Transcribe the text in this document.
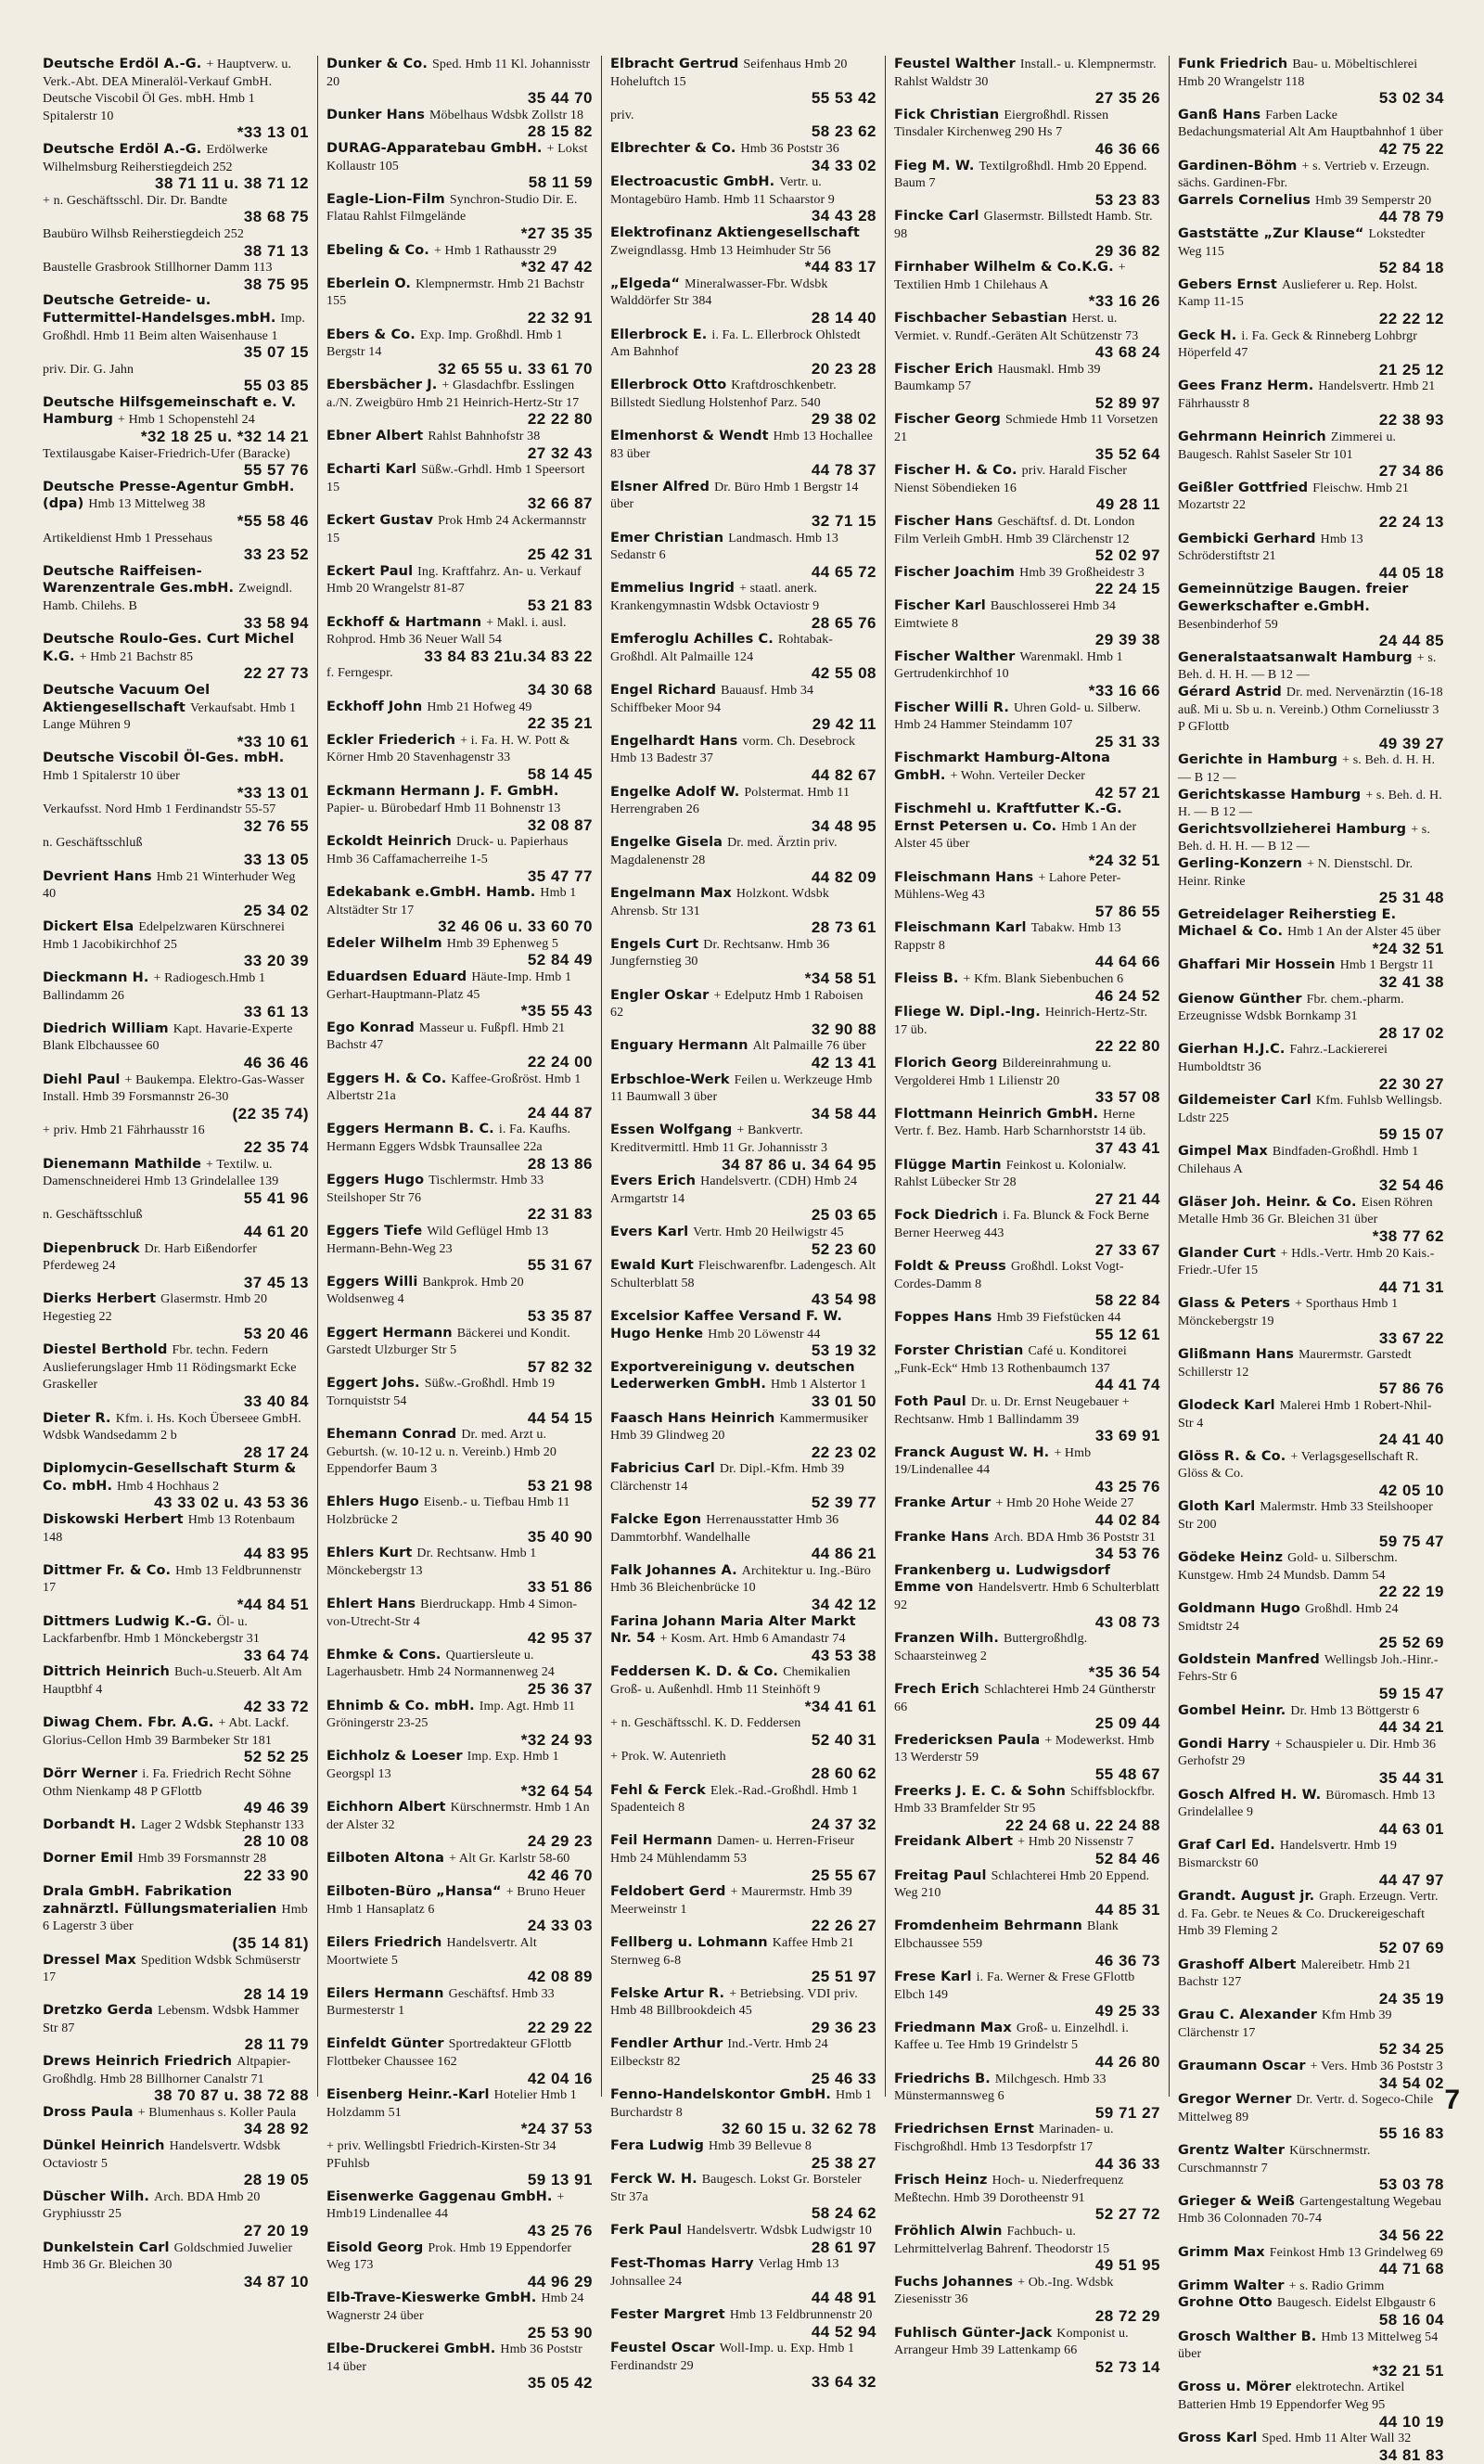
Deutsche Erdöl A.-G. + Hauptverw. u. Verk.-Abt. DEA Mineralöl-Verkauf GmbH. Deutsche Viscobil Öl Ges. mbH. Hmb 1 Spitalerstr 10
*33 13 01
Deutsche Erdöl A.-G. Erdölwerke Wilhelmsburg Reiherstiegdeich 252
38 71 11 u. 38 71 12
+ n. Geschäftsschl. Dir. Dr. Bandte
38 68 75
Baubüro Wilhsb Reiherstiegdeich 252
38 71 13
Baustelle Grasbrook Stillhorner Damm 113
38 75 95
Deutsche Getreide- u. Futtermittel-Handelsges.mbH. Imp. Großhdl. Hmb 11 Beim alten Waisenhause 1
35 07 15
priv. Dir. G. Jahn
55 03 85
Deutsche Hilfsgemeinschaft e. V. Hamburg + Hmb 1 Schopenstehl 24
*32 18 25 u. *32 14 21
Textilausgabe Kaiser-Friedrich-Ufer (Baracke)
55 57 76
Deutsche Presse-Agentur GmbH. (dpa) Hmb 13 Mittelweg 38
*55 58 46
Artikeldienst Hmb 1 Pressehaus
33 23 52
Deutsche Raiffeisen-Warenzentrale Ges.mbH. Zweigndl. Hamb. Chilehs. B
33 58 94
Deutsche Roulo-Ges. Curt Michel K.G. + Hmb 21 Bachstr 85
22 27 73
Deutsche Vacuum Oel Aktiengesellschaft Verkaufsabt. Hmb 1 Lange Mühren 9
*33 10 61
Deutsche Viscobil Öl-Ges. mbH. Hmb 1 Spitalerstr 10 über
*33 13 01
Verkaufsst. Nord Hmb 1 Ferdinandstr 55-57
32 76 55
n. Geschäftsschluß
33 13 05
Devrient Hans Hmb 21 Winterhuder Weg 40
25 34 02
Dickert Elsa Edelpelzwaren Kürschnerei Hmb 1 Jacobikirchhof 25
33 20 39
Dieckmann H. + Radiogesch.Hmb 1 Ballindamm 26
33 61 13
Diedrich William Kapt. Havarie-Experte Blank Elbchaussee 60
46 36 46
Diehl Paul + Baukempa. Elektro-Gas-Wasser Install. Hmb 39 Forsmannstr 26-30
(22 35 74)
+ priv. Hmb 21 Fährhausstr 16
22 35 74
Dienemann Mathilde + Textilw. u. Damenschneiderei Hmb 13 Grindelallee 139
55 41 96
n. Geschäftsschluß
44 61 20
Diepenbruck Dr. Harb Eißendorfer Pferdeweg 24
37 45 13
Dierks Herbert Glasermstr. Hmb 20 Hegestieg 22
53 20 46
Diestel Berthold Fbr. techn. Federn Auslieferungslager Hmb 11 Rödingsmarkt Ecke Graskeller
33 40 84
Dieter R. Kfm. i. Hs. Koch Überseee GmbH. Wdsbk Wandsedamm 2 b
28 17 24
Diplomycin-Gesellschaft Sturm & Co. mbH. Hmb 4 Hochhaus 2
43 33 02 u. 43 53 36
Diskowski Herbert Hmb 13 Rotenbaum 148
44 83 95
Dittmer Fr. & Co. Hmb 13 Feldbrunnenstr 17
*44 84 51
Dittmers Ludwig K.-G. Öl- u. Lackfarbenfbr. Hmb 1 Mönckebergstr 31
33 64 74
Dittrich Heinrich Buch-u.Steuerb. Alt Am Hauptbhf 4
42 33 72
Diwag Chem. Fbr. A.G. + Abt. Lackf. Glorius-Cellon Hmb 39 Barmbeker Str 181
52 52 25
Dörr Werner i. Fa. Friedrich Recht Söhne Othm Nienkamp 48 P GFlottb
49 46 39
Dorbandt H. Lager 2 Wdsbk Stephanstr 133
28 10 08
Dorner Emil Hmb 39 Forsmannstr 28
22 33 90
Drala GmbH. Fabrikation zahnärztl. Füllungsmaterialien Hmb 6 Lagerstr 3 über
(35 14 81)
Dressel Max Spedition Wdsbk Schmüserstr 17
28 14 19
Dretzko Gerda Lebensm. Wdsbk Hammer Str 87
28 11 79
Drews Heinrich Friedrich Altpapier-Großhdlg. Hmb 28 Billhorner Canalstr 71
38 70 87 u. 38 72 88
Dross Paula + Blumenhaus s. Koller Paula
34 28 92
Dünkel Heinrich Handelsvertr. Wdsbk Octaviostr 5
28 19 05
Düscher Wilh. Arch. BDA Hmb 20 Gryphiusstr 25
27 20 19
Dunkelstein Carl Goldschmied Juwelier Hmb 36 Gr. Bleichen 30
34 87 10
Dunker & Co. Sped. Hmb 11 Kl. Johannisstr 20
35 44 70
Dunker Hans Möbelhaus Wdsbk Zollstr 18
28 15 82
DURAG-Apparatebau GmbH. + Lokst Kollaustr 105
58 11 59
Eagle-Lion-Film Synchron-Studio Dir. E. Flatau Rahlst Filmgelände
*27 35 35
Ebeling & Co. + Hmb 1 Rathausstr 29
*32 47 42
Eberlein O. Klempnermstr. Hmb 21 Bachstr 155
22 32 91
Ebers & Co. Exp. Imp. Großhdl. Hmb 1 Bergstr 14
32 65 55 u. 33 61 70
Ebersbächer J. + Glasdachfbr. Esslingen a./N. Zweigbüro Hmb 21 Heinrich-Hertz-Str 17
22 22 80
Ebner Albert Rahlst Bahnhofstr 38
27 32 43
Echarti Karl Süßw.-Grhdl. Hmb 1 Speersort 15
32 66 87
Eckert Gustav Prok Hmb 24 Ackermannstr 15
25 42 31
Eckert Paul Ing. Kraftfahrz. An- u. Verkauf Hmb 20 Wrangelstr 81-87
53 21 83
Eckhoff & Hartmann + Makl. i. ausl. Rohprod. Hmb 36 Neuer Wall 54
33 84 83 21u.34 83 22
f. Ferngespr.
34 30 68
Eckhoff John Hmb 21 Hofweg 49
22 35 21
Eckler Friederich + i. Fa. H. W. Pott & Körner Hmb 20 Stavenhagenstr 33
58 14 45
Eckmann Hermann J. F. GmbH. Papier- u. Bürobedarf Hmb 11 Bohnenstr 13
32 08 87
Eckoldt Heinrich Druck- u. Papierhaus Hmb 36 Caffamacherreihe 1-5
35 47 77
Edekabank e.GmbH. Hamb. Hmb 1 Altstädter Str 17
32 46 06 u. 33 60 70
Edeler Wilhelm Hmb 39 Ephenweg 5
52 84 49
Eduardsen Eduard Häute-Imp. Hmb 1 Gerhart-Hauptmann-Platz 45
*35 55 43
Ego Konrad Masseur u. Fußpfl. Hmb 21 Bachstr 47
22 24 00
Eggers H. & Co. Kaffee-Großröst. Hmb 1 Albertstr 21a
24 44 87
Eggers Hermann B. C. i. Fa. Kaufhs. Hermann Eggers Wdsbk Traunsallee 22a
28 13 86
Eggers Hugo Tischlermstr. Hmb 33 Steilshoper Str 76
22 31 83
Eggers Tiefe Wild Geflügel Hmb 13 Hermann-Behn-Weg 23
55 31 67
Eggers Willi Bankprok. Hmb 20 Woldsenweg 4
53 35 87
Eggert Hermann Bäckerei und Kondit. Garstedt Ulzburger Str 5
57 82 32
Eggert Johs. Süßw.-Großhdl. Hmb 19 Tornquiststr 54
44 54 15
Ehemann Conrad Dr. med. Arzt u. Geburtsh. (w. 10-12 u. n. Vereinb.) Hmb 20 Eppendorfer Baum 3
53 21 98
Ehlers Hugo Eisenb.- u. Tiefbau Hmb 11 Holzbrücke 2
35 40 90
Ehlers Kurt Dr. Rechtsanw. Hmb 1 Mönckebergstr 13
33 51 86
Ehlert Hans Bierdruckapp. Hmb 4 Simon-von-Utrecht-Str 4
42 95 37
Ehmke & Cons. Quartiersleute u. Lagerhausbetr. Hmb 24 Normannenweg 24
25 36 37
Ehnimb & Co. mbH. Imp. Agt. Hmb 11 Gröningerstr 23-25
*32 24 93
Eichholz & Loeser Imp. Exp. Hmb 1 Georgspl 13
*32 64 54
Eichhorn Albert Kürschnermstr. Hmb 1 An der Alster 32
24 29 23
Eilboten Altona + Alt Gr. Karlstr 58-60
42 46 70
Eilboten-Büro „Hansa“ + Bruno Heuer Hmb 1 Hansaplatz 6
24 33 03
Eilers Friedrich Handelsvertr. Alt Moortwiete 5
42 08 89
Eilers Hermann Geschäftsf. Hmb 33 Burmesterstr 1
22 29 22
Einfeldt Günter Sportredakteur GFlottb Flottbeker Chaussee 162
42 04 16
Eisenberg Heinr.-Karl Hotelier Hmb 1 Holzdamm 51
*24 37 53
+ priv. Wellingsbtl Friedrich-Kirsten-Str 34 PFuhlsb
59 13 91
Eisenwerke Gaggenau GmbH. + Hmb19 Lindenallee 44
43 25 76
Eisold Georg Prok. Hmb 19 Eppendorfer Weg 173
44 96 29
Elb-Trave-Kieswerke GmbH. Hmb 24 Wagnerstr 24 über
25 53 90
Elbe-Druckerei GmbH. Hmb 36 Poststr 14 über
35 05 42
Elbracht Gertrud Seifenhaus Hmb 20 Hoheluftch 15
55 53 42
priv.
58 23 62
Elbrechter & Co. Hmb 36 Poststr 36
34 33 02
Electroacustic GmbH. Vertr. u. Montagebüro Hamb. Hmb 11 Schaarstor 9
34 43 28
Elektrofinanz Aktiengesellschaft Zweigndlassg. Hmb 13 Heimhuder Str 56
*44 83 17
„Elgeda“ Mineralwasser-Fbr. Wdsbk Walddörfer Str 384
28 14 40
Ellerbrock E. i. Fa. L. Ellerbrock Ohlstedt Am Bahnhof
20 23 28
Ellerbrock Otto Kraftdroschkenbetr. Billstedt Siedlung Holstenhof Parz. 540
29 38 02
Elmenhorst & Wendt Hmb 13 Hochallee 83 über
44 78 37
Elsner Alfred Dr. Büro Hmb 1 Bergstr 14 über
32 71 15
Emer Christian Landmasch. Hmb 13 Sedanstr 6
44 65 72
Emmelius Ingrid + staatl. anerk. Krankengymnastin Wdsbk Octaviostr 9
28 65 76
Emferoglu Achilles C. Rohtabak-Großhdl. Alt Palmaille 124
42 55 08
Engel Richard Bauausf. Hmb 34 Schiffbeker Moor 94
29 42 11
Engelhardt Hans vorm. Ch. Desebrock Hmb 13 Badestr 37
44 82 67
Engelke Adolf W. Polstermat. Hmb 11 Herrengraben 26
34 48 95
Engelke Gisela Dr. med. Ärztin priv. Magdalenenstr 28
44 82 09
Engelmann Max Holzkont. Wdsbk Ahrensb. Str 131
28 73 61
Engels Curt Dr. Rechtsanw. Hmb 36 Jungfernstieg 30
*34 58 51
Engler Oskar + Edelputz Hmb 1 Raboisen 62
32 90 88
Enguary Hermann Alt Palmaille 76 über
42 13 41
Erbschloe-Werk Feilen u. Werkzeuge Hmb 11 Baumwall 3 über
34 58 44
Essen Wolfgang + Bankvertr. Kreditvermittl. Hmb 11 Gr. Johannisstr 3
34 87 86 u. 34 64 95
Evers Erich Handelsvertr. (CDH) Hmb 24 Armgartstr 14
25 03 65
Evers Karl Vertr. Hmb 20 Heilwigstr 45
52 23 60
Ewald Kurt Fleischwarenfbr. Ladengesch. Alt Schulterblatt 58
43 54 98
Excelsior Kaffee Versand F. W. Hugo Henke Hmb 20 Löwenstr 44
53 19 32
Exportvereinigung v. deutschen Lederwerken GmbH. Hmb 1 Alstertor 1
33 01 50
Faasch Hans Heinrich Kammermusiker Hmb 39 Glindweg 20
22 23 02
Fabricius Carl Dr. Dipl.-Kfm. Hmb 39 Clärchenstr 14
52 39 77
Falcke Egon Herrenausstatter Hmb 36 Dammtorbhf. Wandelhalle
44 86 21
Falk Johannes A. Architektur u. Ing.-Büro Hmb 36 Bleichenbrücke 10
34 42 12
Farina Johann Maria Alter Markt Nr. 54 + Kosm. Art. Hmb 6 Amandastr 74
43 53 38
Feddersen K. D. & Co. Chemikalien Groß- u. Außenhdl. Hmb 11 Steinhöft 9
*34 41 61
+ n. Geschäftsschl. K. D. Feddersen
52 40 31
+ Prok. W. Autenrieth
28 60 62
Fehl & Ferck Elek.-Rad.-Großhdl. Hmb 1 Spadenteich 8
24 37 32
Feil Hermann Damen- u. Herren-Friseur Hmb 24 Mühlendamm 53
25 55 67
Feldobert Gerd + Maurermstr. Hmb 39 Meerweinstr 1
22 26 27
Fellberg u. Lohmann Kaffee Hmb 21 Sternweg 6-8
25 51 97
Felske Artur R. + Betriebsing. VDI priv. Hmb 48 Billbrookdeich 45
29 36 23
Fendler Arthur Ind.-Vertr. Hmb 24 Eilbeckstr 82
25 46 33
Fenno-Handelskontor GmbH. Hmb 1 Burchardstr 8
32 60 15 u. 32 62 78
Fera Ludwig Hmb 39 Bellevue 8
25 38 27
Ferck W. H. Baugesch. Lokst Gr. Borsteler Str 37a
58 24 62
Ferk Paul Handelsvertr. Wdsbk Ludwigstr 10
28 61 97
Fest-Thomas Harry Verlag Hmb 13 Johnsallee 24
44 48 91
Fester Margret Hmb 13 Feldbrunnenstr 20
44 52 94
Feustel Oscar Woll-Imp. u. Exp. Hmb 1 Ferdinandstr 29
33 64 32
Feustel Walther Install.- u. Klempnermstr. Rahlst Waldstr 30
27 35 26
Fick Christian Eiergroßhdl. Rissen Tinsdaler Kirchenweg 290 Hs 7
46 36 66
Fieg M. W. Textilgroßhdl. Hmb 20 Eppend. Baum 7
53 23 83
Fincke Carl Glasermstr. Billstedt Hamb. Str. 98
29 36 82
Firnhaber Wilhelm & Co.K.G. + Textilien Hmb 1 Chilehaus A
*33 16 26
Fischbacher Sebastian Herst. u. Vermiet. v. Rundf.-Geräten Alt Schützenstr 73
43 68 24
Fischer Erich Hausmakl. Hmb 39 Baumkamp 57
52 89 97
Fischer Georg Schmiede Hmb 11 Vorsetzen 21
35 52 64
Fischer H. & Co. priv. Harald Fischer Nienst Söbendieken 16
49 28 11
Fischer Hans Geschäftsf. d. Dt. London Film Verleih GmbH. Hmb 39 Clärchenstr 12
52 02 97
Fischer Joachim Hmb 39 Großheidestr 3
22 24 15
Fischer Karl Bauschlosserei Hmb 34 Eimtwiete 8
29 39 38
Fischer Walther Warenmakl. Hmb 1 Gertrudenkirchhof 10
*33 16 66
Fischer Willi R. Uhren Gold- u. Silberw. Hmb 24 Hammer Steindamm 107
25 31 33
Fischmarkt Hamburg-Altona GmbH. + Wohn. Verteiler Decker
42 57 21
Fischmehl u. Kraftfutter K.-G. Ernst Petersen u. Co. Hmb 1 An der Alster 45 über
*24 32 51
Fleischmann Hans + Lahore Peter-Mühlens-Weg 43
57 86 55
Fleischmann Karl Tabakw. Hmb 13 Rappstr 8
44 64 66
Fleiss B. + Kfm. Blank Siebenbuchen 6
46 24 52
Fliege W. Dipl.-Ing. Heinrich-Hertz-Str. 17 üb.
22 22 80
Florich Georg Bildereinrahmung u. Vergolderei Hmb 1 Lilienstr 20
33 57 08
Flottmann Heinrich GmbH. Herne Vertr. f. Bez. Hamb. Harb Scharnhorststr 14 üb.
37 43 41
Flügge Martin Feinkost u. Kolonialw. Rahlst Lübecker Str 28
27 21 44
Fock Diedrich i. Fa. Blunck & Fock Berne Berner Heerweg 443
27 33 67
Foldt & Preuss Großhdl. Lokst Vogt-Cordes-Damm 8
58 22 84
Foppes Hans Hmb 39 Fiefstücken 44
55 12 61
Forster Christian Café u. Konditorei „Funk-Eck“ Hmb 13 Rothenbaumch 137
44 41 74
Foth Paul Dr. u. Dr. Ernst Neugebauer + Rechtsanw. Hmb 1 Ballindamm 39
33 69 91
Franck August W. H. + Hmb 19/Lindenallee 44
43 25 76
Franke Artur + Hmb 20 Hohe Weide 27
44 02 84
Franke Hans Arch. BDA Hmb 36 Poststr 31
34 53 76
Frankenberg u. Ludwigsdorf Emme von Handelsvertr. Hmb 6 Schulterblatt 92
43 08 73
Franzen Wilh. Buttergroßhdlg. Schaarsteinweg 2
*35 36 54
Frech Erich Schlachterei Hmb 24 Güntherstr 66
25 09 44
Fredericksen Paula + Modewerkst. Hmb 13 Werderstr 59
55 48 67
Freerks J. E. C. & Sohn Schiffsblockfbr. Hmb 33 Bramfelder Str 95
22 24 68 u. 22 24 88
Freidank Albert + Hmb 20 Nissenstr 7
52 84 46
Freitag Paul Schlachterei Hmb 20 Eppend. Weg 210
44 85 31
Fromdenheim Behrmann Blank Elbchaussee 559
46 36 73
Frese Karl i. Fa. Werner & Frese GFlottb Elbch 149
49 25 33
Friedmann Max Groß- u. Einzelhdl. i. Kaffee u. Tee Hmb 19 Grindelstr 5
44 26 80
Friedrichs B. Milchgesch. Hmb 33 Münstermannsweg 6
59 71 27
Friedrichsen Ernst Marinaden- u. Fischgroßhdl. Hmb 13 Tesdorpfstr 17
44 36 33
Frisch Heinz Hoch- u. Niederfrequenz Meßtechn. Hmb 39 Dorotheenstr 91
52 27 72
Fröhlich Alwin Fachbuch- u. Lehrmittelverlag Bahrenf. Theodorstr 15
49 51 95
Fuchs Johannes + Ob.-Ing. Wdsbk Ziesenisstr 36
28 72 29
Fuhlisch Günter-Jack Komponist u. Arrangeur Hmb 39 Lattenkamp 66
52 73 14
Funk Friedrich Bau- u. Möbeltischlerei Hmb 20 Wrangelstr 118
53 02 34
Ganß Hans Farben Lacke Bedachungsmaterial Alt Am Hauptbahnhof 1 über
42 75 22
Gardinen-Böhm + s. Vertrieb v. Erzeugn. sächs. Gardinen-Fbr.
Garrels Cornelius Hmb 39 Semperstr 20
44 78 79
Gaststätte „Zur Klause“ Lokstedter Weg 115
52 84 18
Gebers Ernst Auslieferer u. Rep. Holst. Kamp 11-15
22 22 12
Geck H. i. Fa. Geck & Rinneberg Lohbrgr Höperfeld 47
21 25 12
Gees Franz Herm. Handelsvertr. Hmb 21 Fährhausstr 8
22 38 93
Gehrmann Heinrich Zimmerei u. Baugesch. Rahlst Saseler Str 101
27 34 86
Geißler Gottfried Fleischw. Hmb 21 Mozartstr 22
22 24 13
Gembicki Gerhard Hmb 13 Schröderstiftstr 21
44 05 18
Gemeinnützige Baugen. freier Gewerkschafter e.GmbH. Besenbinderhof 59
24 44 85
Generalstaatsanwalt Hamburg + s. Beh. d. H. H. — B 12 —
Gérard Astrid Dr. med. Nervenärztin (16-18 auß. Mi u. Sb u. n. Vereinb.) Othm Corneliusstr 3 P GFlottb
49 39 27
Gerichte in Hamburg + s. Beh. d. H. H. — B 12 —
Gerichtskasse Hamburg + s. Beh. d. H. H. — B 12 —
Gerichtsvollzieherei Hamburg + s. Beh. d. H. H. — B 12 —
Gerling-Konzern + N. Dienstschl. Dr. Heinr. Rinke
25 31 48
Getreidelager Reiherstieg E. Michael & Co. Hmb 1 An der Alster 45 über
*24 32 51
Ghaffari Mir Hossein Hmb 1 Bergstr 11
32 41 38
Gienow Günther Fbr. chem.-pharm. Erzeugnisse Wdsbk Bornkamp 31
28 17 02
Gierhan H.J.C. Fahrz.-Lackiererei Humboldtstr 36
22 30 27
Gildemeister Carl Kfm. Fuhlsb Wellingsb. Ldstr 225
59 15 07
Gimpel Max Bindfaden-Großhdl. Hmb 1 Chilehaus A
32 54 46
Gläser Joh. Heinr. & Co. Eisen Röhren Metalle Hmb 36 Gr. Bleichen 31 über
*38 77 62
Glander Curt + Hdls.-Vertr. Hmb 20 Kais.-Friedr.-Ufer 15
44 71 31
Glass & Peters + Sporthaus Hmb 1 Mönckebergstr 19
33 67 22
Glißmann Hans Maurermstr. Garstedt Schillerstr 12
57 86 76
Glodeck Karl Malerei Hmb 1 Robert-Nhil-Str 4
24 41 40
Glöss R. & Co. + Verlagsgesellschaft R. Glöss & Co.
42 05 10
Gloth Karl Malermstr. Hmb 33 Steilshooper Str 200
59 75 47
Gödeke Heinz Gold- u. Silberschm. Kunstgew. Hmb 24 Mundsb. Damm 54
22 22 19
Goldmann Hugo Großhdl. Hmb 24 Smidtstr 24
25 52 69
Goldstein Manfred Wellingsb Joh.-Hinr.-Fehrs-Str 6
59 15 47
Gombel Heinr. Dr. Hmb 13 Böttgerstr 6
44 34 21
Gondi Harry + Schauspieler u. Dir. Hmb 36 Gerhofstr 29
35 44 31
Gosch Alfred H. W. Büromasch. Hmb 13 Grindelallee 9
44 63 01
Graf Carl Ed. Handelsvertr. Hmb 19 Bismarckstr 60
44 47 97
Grandt. August jr. Graph. Erzeugn. Vertr. d. Fa. Gebr. te Neues & Co. Druckereigeschaft Hmb 39 Fleming 2
52 07 69
Grashoff Albert Malereibetr. Hmb 21 Bachstr 127
24 35 19
Grau C. Alexander Kfm Hmb 39 Clärchenstr 17
52 34 25
Graumann Oscar + Vers. Hmb 36 Poststr 3
34 54 02
Gregor Werner Dr. Vertr. d. Sogeco-Chile Mittelweg 89
55 16 83
Grentz Walter Kürschnermstr. Curschmannstr 7
53 03 78
Grieger & Weiß Gartengestaltung Wegebau Hmb 36 Colonnaden 70-74
34 56 22
Grimm Max Feinkost Hmb 13 Grindelweg 69
44 71 68
Grimm Walter + s. Radio Grimm
Grohne Otto Baugesch. Eidelst Elbgaustr 6
58 16 04
Grosch Walther B. Hmb 13 Mittelweg 54 über
*32 21 51
Gross u. Mörer elektrotechn. Artikel Batterien Hmb 19 Eppendorfer Weg 95
44 10 19
Gross Karl Sped. Hmb 11 Alter Wall 32
34 81 83
7
